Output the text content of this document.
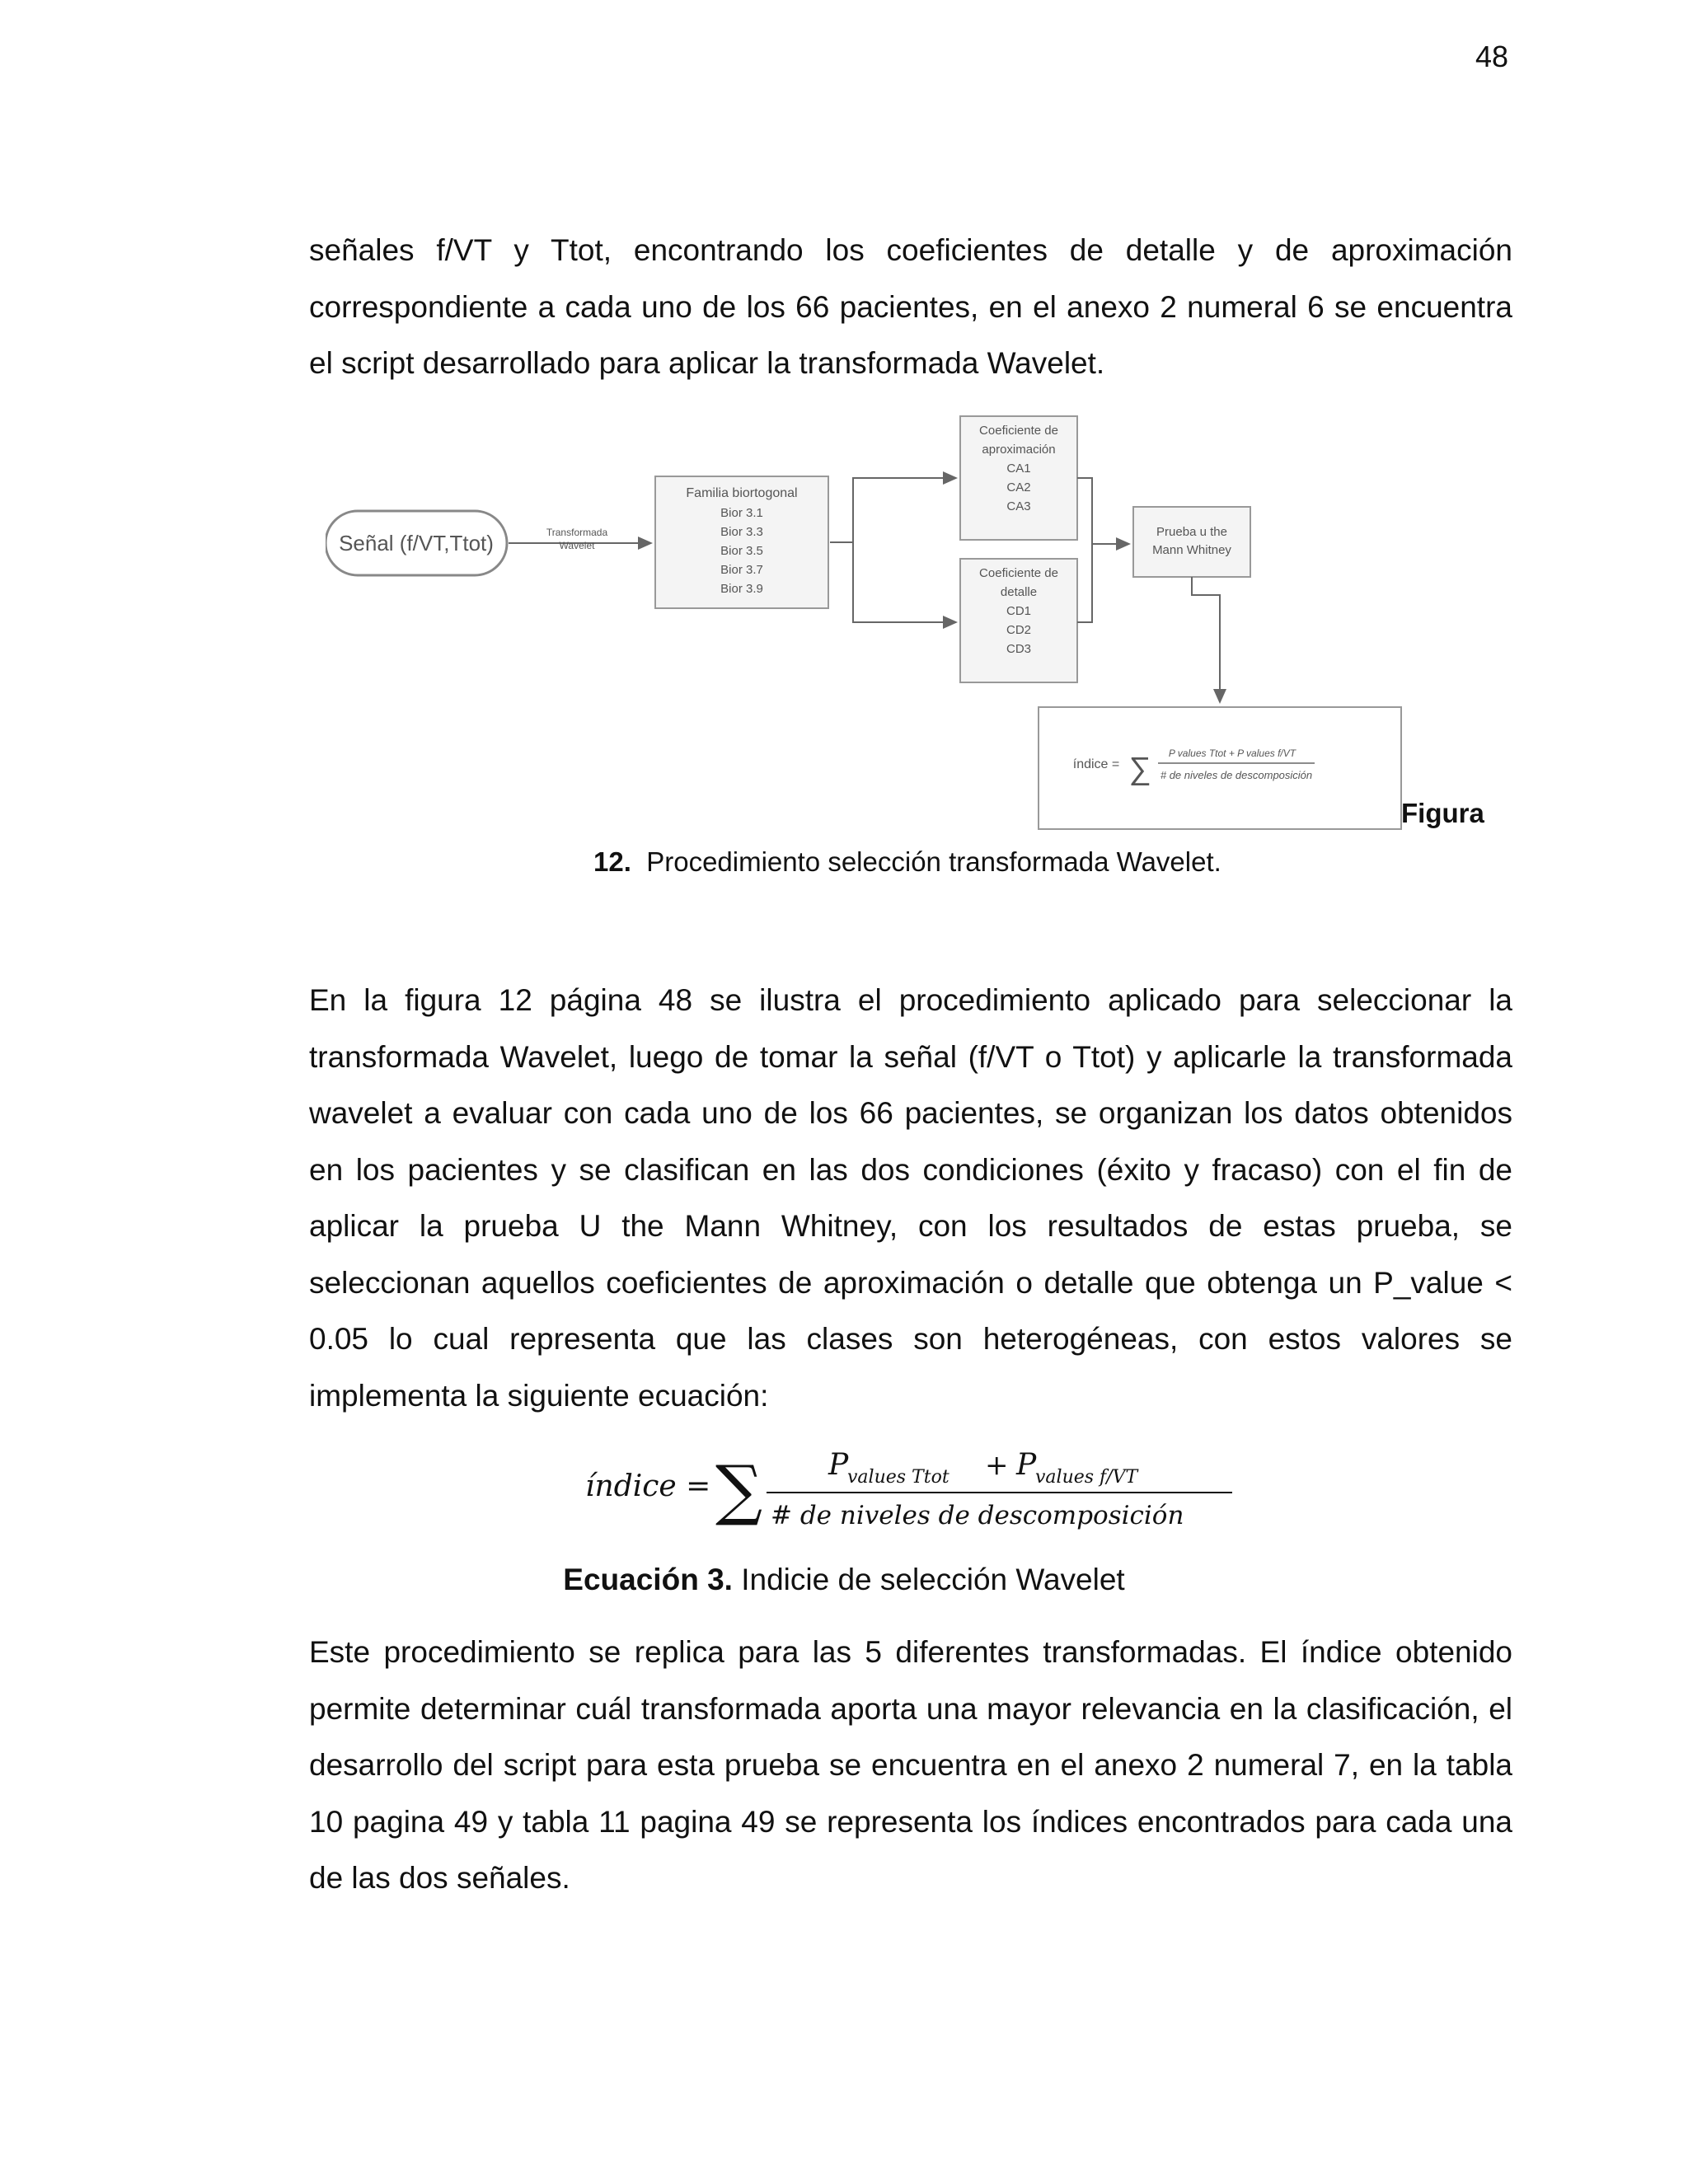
48

señales f/VT y Ttot, encontrando los coeficientes de detalle y de aproximación correspondiente a cada uno de los 66 pacientes, en el anexo 2 numeral 6 se encuentra el script desarrollado para aplicar la transformada Wavelet.

Señal (f/VT,Ttot)	Transformada
Wavelet
Familia biortogonal
Bior 3.1
Bior 3.3
Bior 3.5
Bior 3.7
Bior 3.9
Coeficiente de
aproximación
CA1
CA2
CA3
Coeficiente de
detalle
CD1
CD2
CD3
Prueba u the
Mann Whitney
índice = ∑ P values Ttot + P values f/VT
# de niveles de descomposición
Figura
12. Procedimiento selección transformada Wavelet.

En la figura 12 página 48 se ilustra el procedimiento aplicado para seleccionar la transformada Wavelet, luego de tomar la señal (f/VT o Ttot) y aplicarle la transformada wavelet a evaluar con cada uno de los 66 pacientes, se organizan los datos obtenidos en los pacientes y se clasifican en las dos condiciones (éxito y fracaso) con el fin de aplicar la prueba U the Mann Whitney, con los resultados de estas prueba, se seleccionan aquellos coeficientes de aproximación o detalle que obtenga un P_value < 0.05 lo cual representa que las clases son heterogéneas, con estos valores se implementa la siguiente ecuación:

índice = ∑ P
values Ttot + P
values f/VT
# de niveles de descomposición
Ecuación 3. Indicie de selección Wavelet

Este procedimiento se replica para las 5 diferentes transformadas. El índice obtenido permite determinar cuál transformada aporta una mayor relevancia en la clasificación, el desarrollo del script para esta prueba se encuentra en el anexo 2 numeral 7, en la tabla 10 pagina 49 y tabla 11 pagina 49 se representa los índices encontrados para cada una de las dos señales.
